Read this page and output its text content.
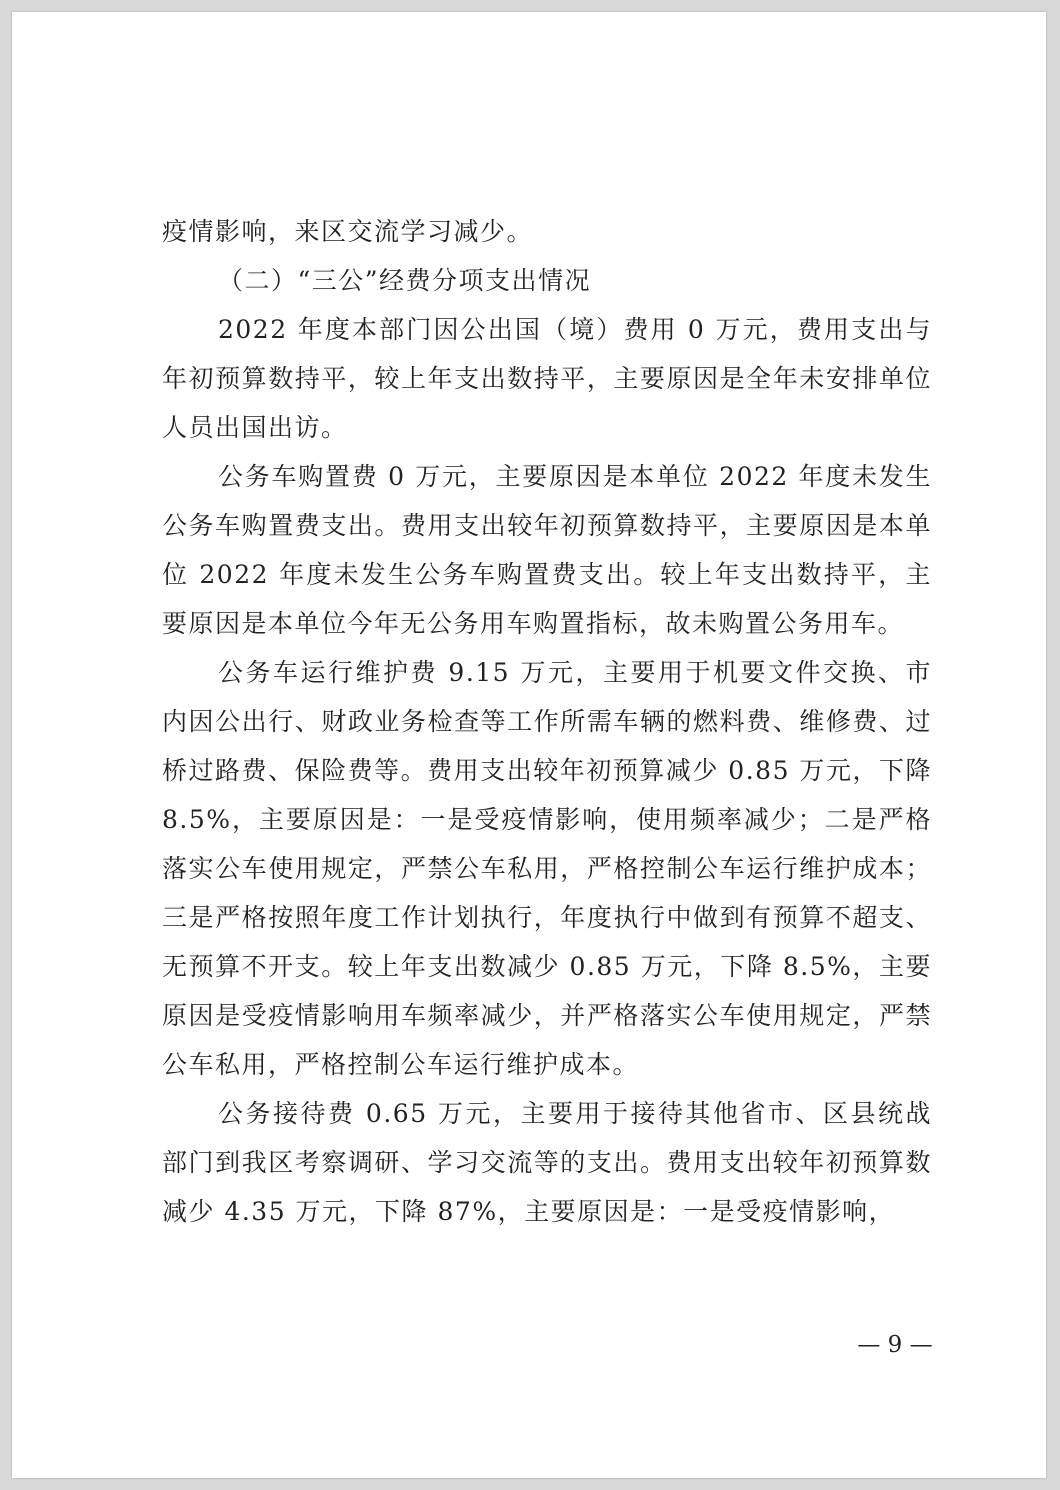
疫情影响，来区交流学习减少。

（二）“三公”经费分项支出情况

2022 年度本部门因公出国（境）费用 0 万元，费用支出与年初预算数持平，较上年支出数持平，主要原因是全年未安排单位人员出国出访。

公务车购置费 0 万元，主要原因是本单位 2022 年度未发生公务车购置费支出。费用支出较年初预算数持平，主要原因是本单位 2022 年度未发生公务车购置费支出。较上年支出数持平，主要原因是本单位今年无公务用车购置指标，故未购置公务用车。

公务车运行维护费 9.15 万元，主要用于机要文件交换、市内因公出行、财政业务检查等工作所需车辆的燃料费、维修费、过桥过路费、保险费等。费用支出较年初预算减少 0.85 万元，下降 8.5%，主要原因是：一是受疫情影响，使用频率减少；二是严格落实公车使用规定，严禁公车私用，严格控制公车运行维护成本；三是严格按照年度工作计划执行，年度执行中做到有预算不超支、无预算不开支。较上年支出数减少 0.85 万元，下降 8.5%，主要原因是受疫情影响用车频率减少，并严格落实公车使用规定，严禁公车私用，严格控制公车运行维护成本。

公务接待费 0.65 万元，主要用于接待其他省市、区县统战部门到我区考察调研、学习交流等的支出。费用支出较年初预算数减少 4.35 万元，下降 87%，主要原因是：一是受疫情影响，

— 9 —
